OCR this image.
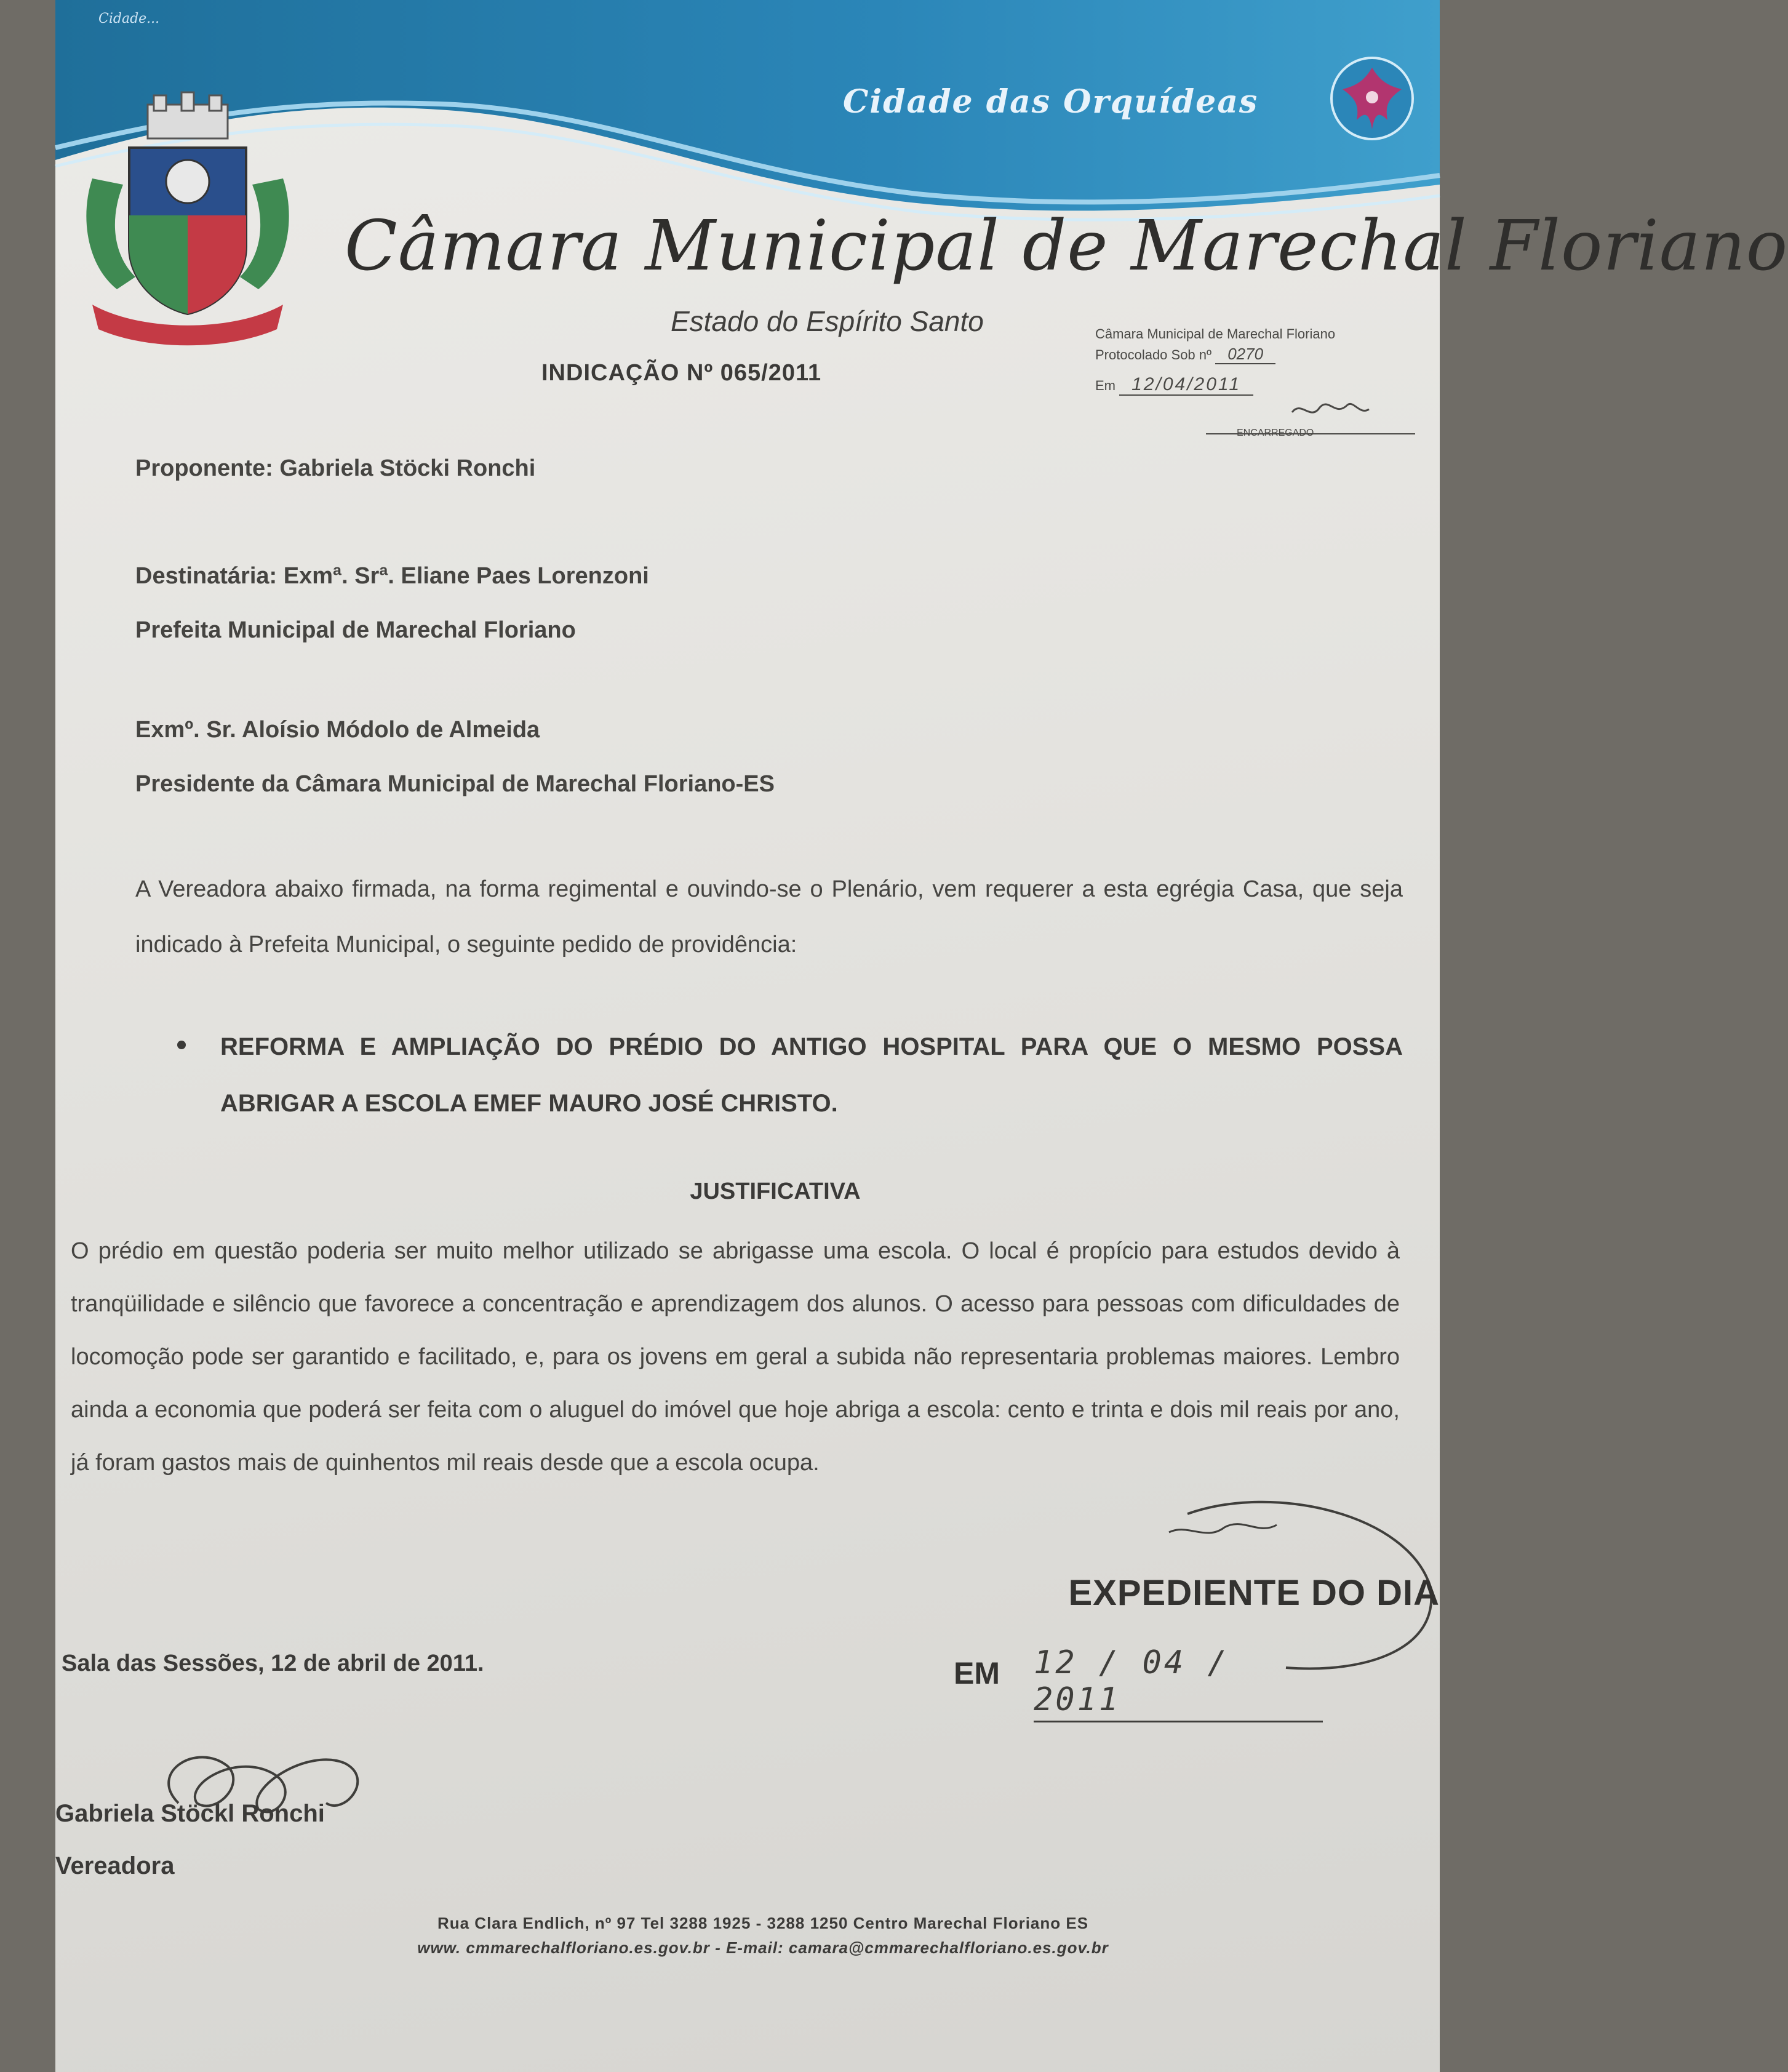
Cidade...
Cidade das Orquídeas
Câmara Municipal de Marechal Floriano
Estado do Espírito Santo
INDICAÇÃO Nº 065/2011
Câmara Municipal de Marechal Floriano
Protocolado Sob nº 0270
Em 12/04/2011
ENCARREGADO
Proponente: Gabriela Stöcki Ronchi
Destinatária: Exmª. Srª. Eliane Paes Lorenzoni
Prefeita Municipal de Marechal Floriano
Exmº. Sr. Aloísio Módolo de Almeida
Presidente da Câmara Municipal de Marechal Floriano-ES
A Vereadora abaixo firmada, na forma regimental e ouvindo-se o Plenário, vem requerer a esta egrégia Casa, que seja indicado à Prefeita Municipal, o seguinte pedido de providência:
REFORMA E AMPLIAÇÃO DO PRÉDIO DO ANTIGO HOSPITAL PARA QUE O MESMO POSSA ABRIGAR A ESCOLA EMEF MAURO JOSÉ CHRISTO.
JUSTIFICATIVA
O prédio em questão poderia ser muito melhor utilizado se abrigasse uma escola. O local é propício para estudos devido à tranqüilidade e silêncio que favorece a concentração e aprendizagem dos alunos. O acesso para pessoas com dificuldades de locomoção pode ser garantido e facilitado, e, para os jovens em geral a subida não representaria problemas maiores. Lembro ainda a economia que poderá ser feita com o aluguel do imóvel que hoje abriga a escola: cento e trinta e dois mil reais por ano, já foram gastos mais de quinhentos mil reais desde que a escola ocupa.
EXPEDIENTE DO DIA
EM 12 / 04 / 2011
Sala das Sessões, 12 de abril de 2011.
Gabriela Stöckl Ronchi
Vereadora
Rua Clara Endlich, nº 97 Tel 3288 1925 - 3288 1250 Centro Marechal Floriano ES
www. cmmarechalfloriano.es.gov.br - E-mail: camara@cmmarechalfloriano.es.gov.br
